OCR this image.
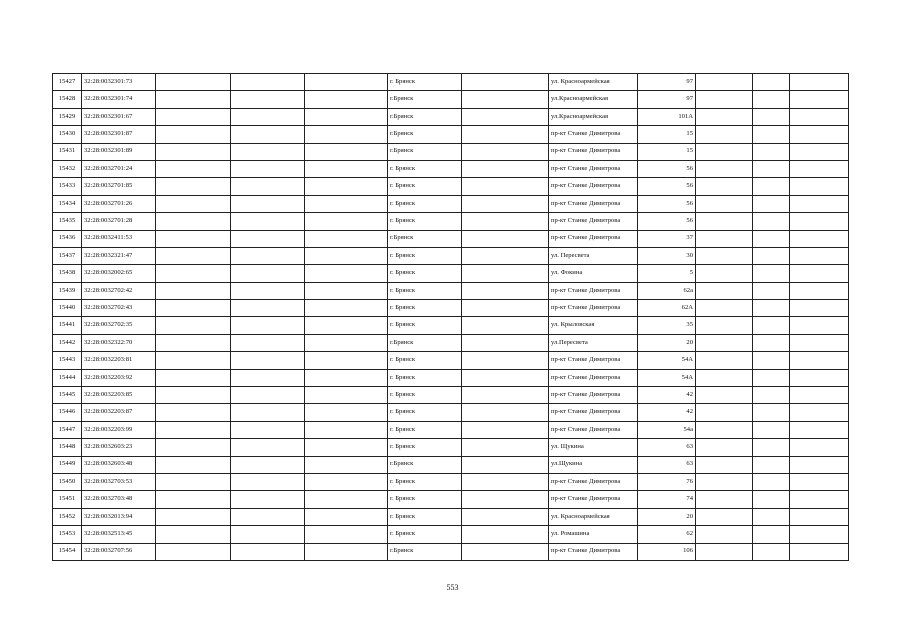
15427	32:28:0032301:73				г. Брянск		ул. Красноармейская	97			
15428	32:28:0032301:74				г.Брянск		ул.Красноармейская	97			
15429	32:28:0032301:67				г.Брянск		ул.Красноармейская	101А			
15430	32:28:0032301:87				г.Брянск		пр-кт Станке Димитрова	15			
15431	32:28:0032301:89				г.Брянск		пр-кт Станке Димитрова	15			
15432	32:28:0032701:24				г. Брянск		пр-кт Станке Димитрова	56			
15433	32:28:0032701:85				г. Брянск		пр-кт Станке Димитрова	56			
15434	32:28:0032701:26				г. Брянск		пр-кт Станке Димитрова	56			
15435	32:28:0032701:28				г. Брянск		пр-кт Станке Димитрова	56			
15436	32:28:0032411:53				г.Брянск		пр-кт Станке Димитрова	37			
15437	32:28:0032321:47				г. Брянск		ул. Пересвета	30			
15438	32:28:0032002:65				г. Брянск		ул. Фокина	5			
15439	32:28:0032702:42				г. Брянск		пр-кт Станке Димитрова	62а			
15440	32:28:0032702:43				г. Брянск		пр-кт Станке Димитрова	62А			
15441	32:28:0032702:35				г. Брянск		ул. Крыловская	35			
15442	32:28:0032322:70				г.Брянск		ул.Пересвета	20			
15443	32:28:0032203:81				г. Брянск		пр-кт Станке Димитрова	54А			
15444	32:28:0032203:92				г. Брянск		пр-кт Станке Димитрова	54А			
15445	32:28:0032203:85				г. Брянск		пр-кт Станке Димитрова	42			
15446	32:28:0032203:87				г. Брянск		пр-кт Станке Димитрова	42			
15447	32:28:0032203:99				г. Брянск		пр-кт Станке Димитрова	54а			
15448	32:28:0032603:23				г. Брянск		ул. Щукина	63			
15449	32:28:0032603:48				г.Брянск		ул.Щукина	63			
15450	32:28:0032703:53				г. Брянск		пр-кт Станке Димитрова	76			
15451	32:28:0032703:48				г. Брянск		пр-кт Станке Димитрова	74			
15452	32:28:0032013:94				г. Брянск		ул. Красноармейская	20			
15453	32:28:0032513:45				г. Брянск		ул. Ромашина	62			
15454	32:28:0032707:56				г.Брянск		пр-кт Станке Димитрова	106			
553
